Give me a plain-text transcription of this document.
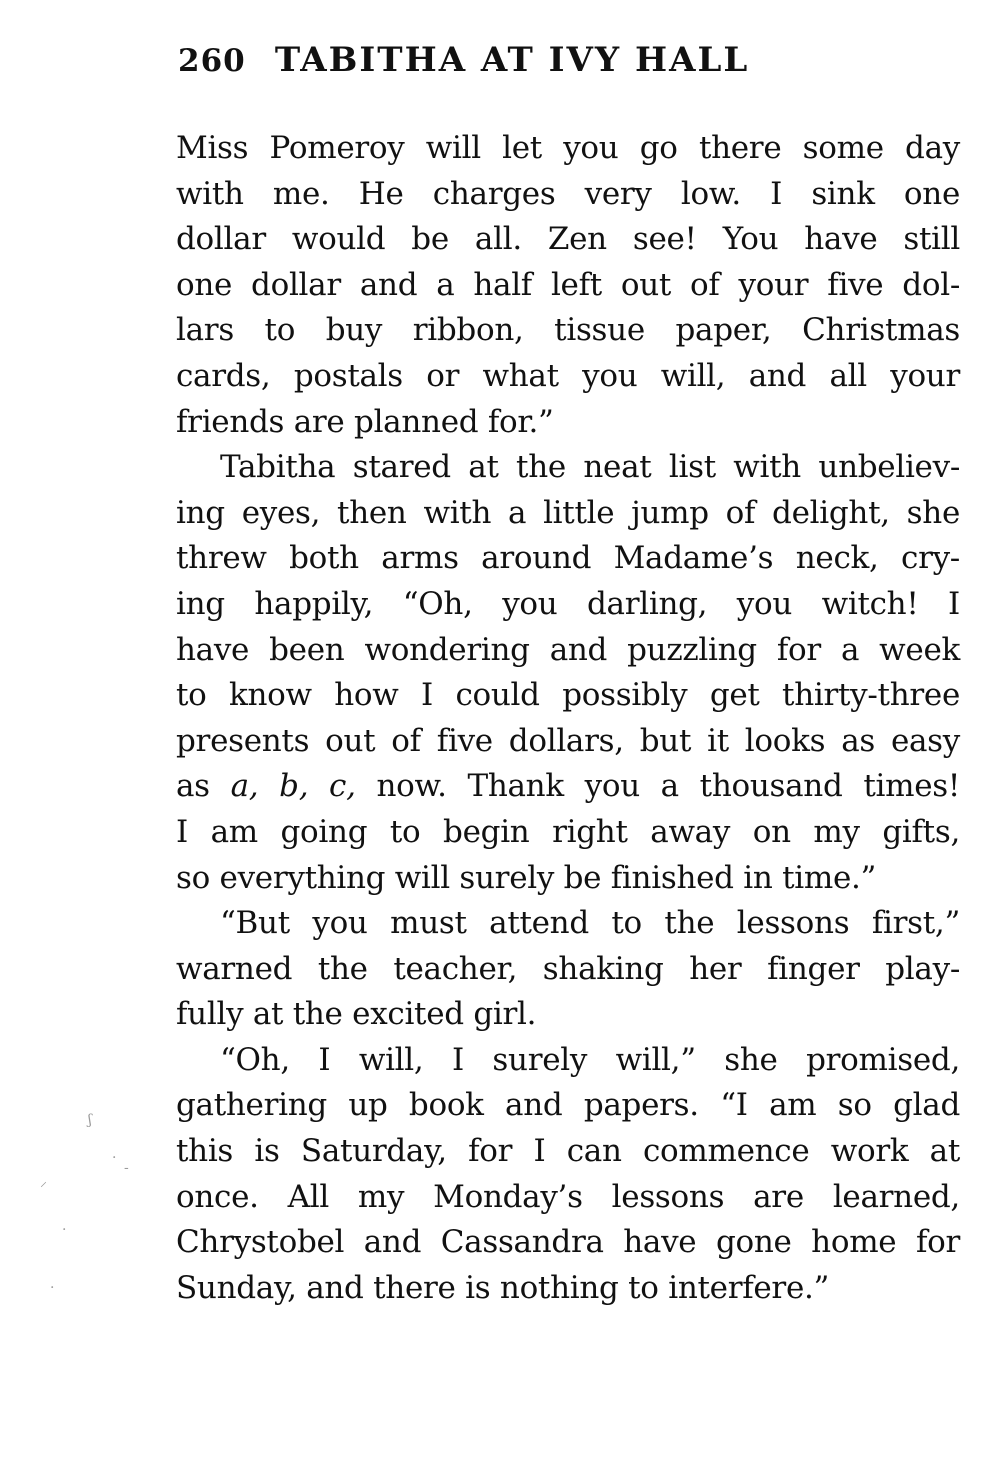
260 TABITHA AT IVY HALL
Miss Pomeroy will let you go there some day
with me. He charges very low. I sink one
dollar would be all. Zen see! You have still
one dollar and a half left out of your five dol-
lars to buy ribbon, tissue paper, Christmas
cards, postals or what you will, and all your
friends are planned for.”
Tabitha stared at the neat list with unbeliev-
ing eyes, then with a little jump of delight, she
threw both arms around Madame’s neck, cry-
ing happily, “Oh, you darling, you witch! I
have been wondering and puzzling for a week
to know how I could possibly get thirty-three
presents out of five dollars, but it looks as easy
as a, b, c, now. Thank you a thousand times!
I am going to begin right away on my gifts,
so everything will surely be finished in time.”
“But you must attend to the lessons first,”
warned the teacher, shaking her finger play-
fully at the excited girl.
“Oh, I will, I surely will,” she promised,
gathering up book and papers. “I am so glad
this is Saturday, for I can commence work at
once. All my Monday’s lessons are learned,
Chrystobel and Cassandra have gone home for
Sunday, and there is nothing to interfere.”
ʃ
·
⸝
-
·
·
